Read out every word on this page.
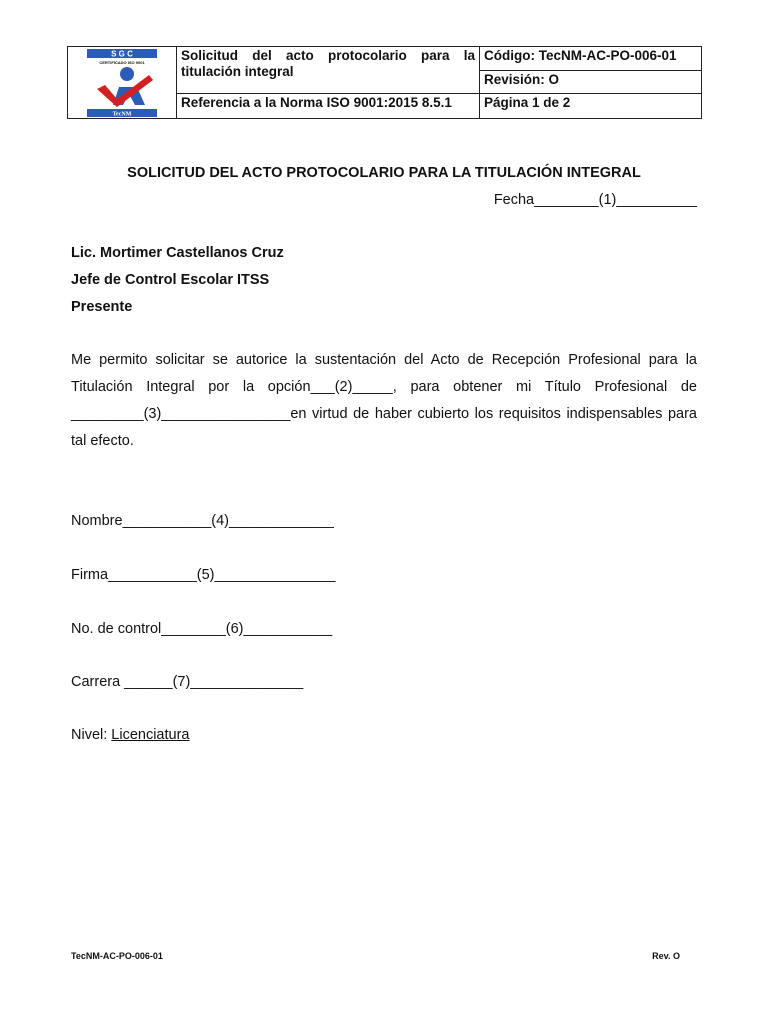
S G C
CERTIFICADO ISO 9001
TecNM	Solicitud del acto protocolario para la titulación integral	Código: TecNM-AC-PO-006-01
		Revisión: O
	Referencia a la Norma ISO 9001:2015 8.5.1	Página 1 de 2
SOLICITUD DEL ACTO PROTOCOLARIO PARA LA TITULACIÓN INTEGRAL
Fecha________(1)__________
Lic. Mortimer Castellanos Cruz
Jefe de Control Escolar ITSS
Presente
Me permito solicitar se autorice la sustentación del Acto de Recepción Profesional para la Titulación Integral por la opción___(2)_____, para obtener mi Título Profesional de _________(3)________________en virtud de haber cubierto los requisitos indispensables para tal efecto.
Nombre___________(4)_____________
Firma___________(5)_______________
No. de control________(6)___________
Carrera ______(7)______________
Nivel: Licenciatura
TecNM-AC-PO-006-01	Rev. O
